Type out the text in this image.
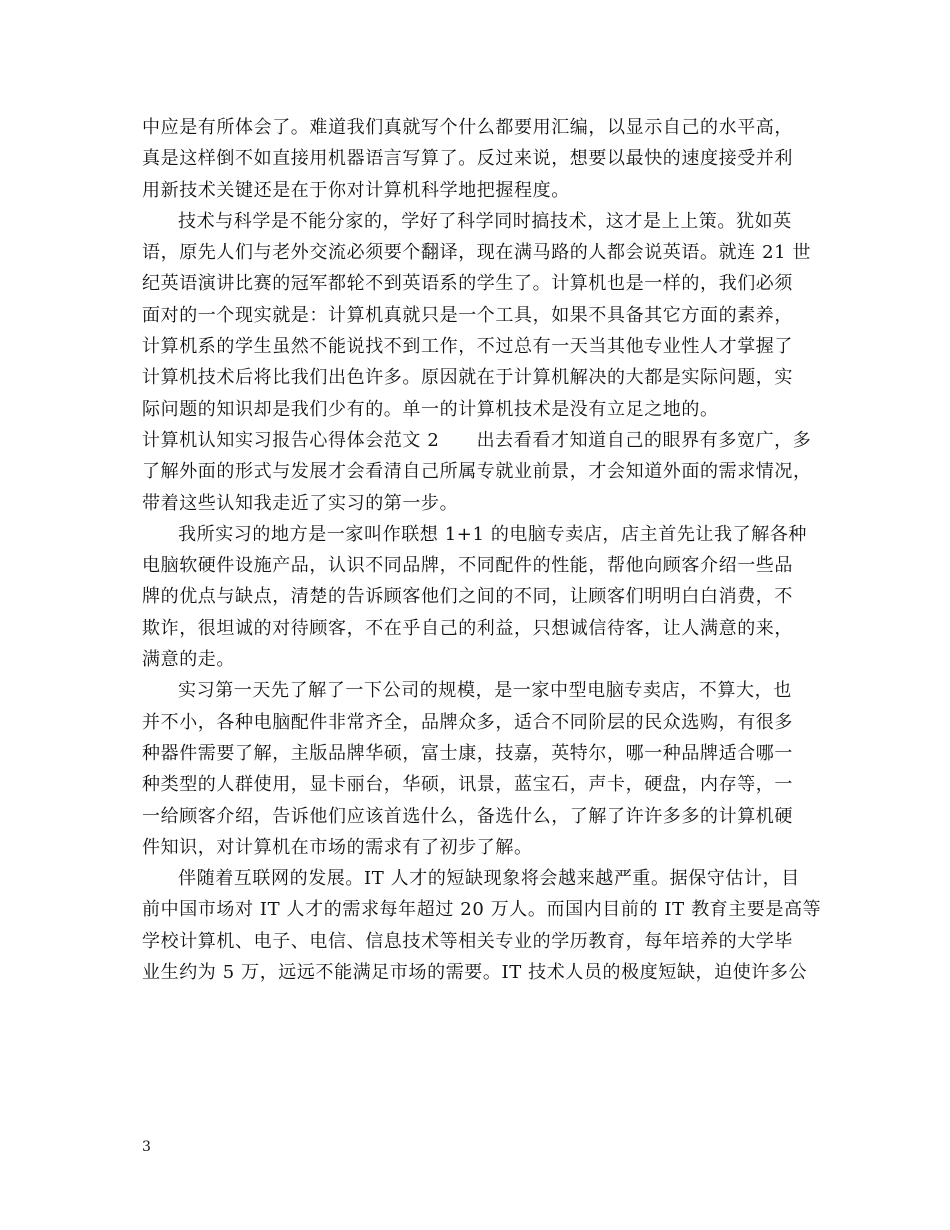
中应是有所体会了。难道我们真就写个什么都要用汇编，以显示自己的水平高，
真是这样倒不如直接用机器语言写算了。反过来说，想要以最快的速度接受并利
用新技术关键还是在于你对计算机科学地把握程度。
技术与科学是不能分家的，学好了科学同时搞技术，这才是上上策。犹如英
语，原先人们与老外交流必须要个翻译，现在满马路的人都会说英语。就连 21 世
纪英语演讲比赛的冠军都轮不到英语系的学生了。计算机也是一样的，我们必须
面对的一个现实就是：计算机真就只是一个工具，如果不具备其它方面的素养，
计算机系的学生虽然不能说找不到工作，不过总有一天当其他专业性人才掌握了
计算机技术后将比我们出色许多。原因就在于计算机解决的大都是实际问题，实
际问题的知识却是我们少有的。单一的计算机技术是没有立足之地的。
计算机认知实习报告心得体会范文 2　　出去看看才知道自己的眼界有多宽广，多
了解外面的形式与发展才会看清自己所属专就业前景，才会知道外面的需求情况，
带着这些认知我走近了实习的第一步。
我所实习的地方是一家叫作联想 1+1 的电脑专卖店，店主首先让我了解各种
电脑软硬件设施产品，认识不同品牌，不同配件的性能，帮他向顾客介绍一些品
牌的优点与缺点，清楚的告诉顾客他们之间的不同，让顾客们明明白白消费，不
欺诈，很坦诚的对待顾客，不在乎自己的利益，只想诚信待客，让人满意的来，
满意的走。
实习第一天先了解了一下公司的规模，是一家中型电脑专卖店，不算大，也
并不小，各种电脑配件非常齐全，品牌众多，适合不同阶层的民众选购，有很多
种器件需要了解，主版品牌华硕，富士康，技嘉，英特尔，哪一种品牌适合哪一
种类型的人群使用，显卡丽台，华硕，讯景，蓝宝石，声卡，硬盘，内存等，一
一给顾客介绍，告诉他们应该首选什么，备选什么，了解了许许多多的计算机硬
件知识，对计算机在市场的需求有了初步了解。
伴随着互联网的发展。IT 人才的短缺现象将会越来越严重。据保守估计，目
前中国市场对 IT 人才的需求每年超过 20 万人。而国内目前的 IT 教育主要是高等
学校计算机、电子、电信、信息技术等相关专业的学历教育，每年培养的大学毕
业生约为 5 万，远远不能满足市场的需要。IT 技术人员的极度短缺，迫使许多公
3
